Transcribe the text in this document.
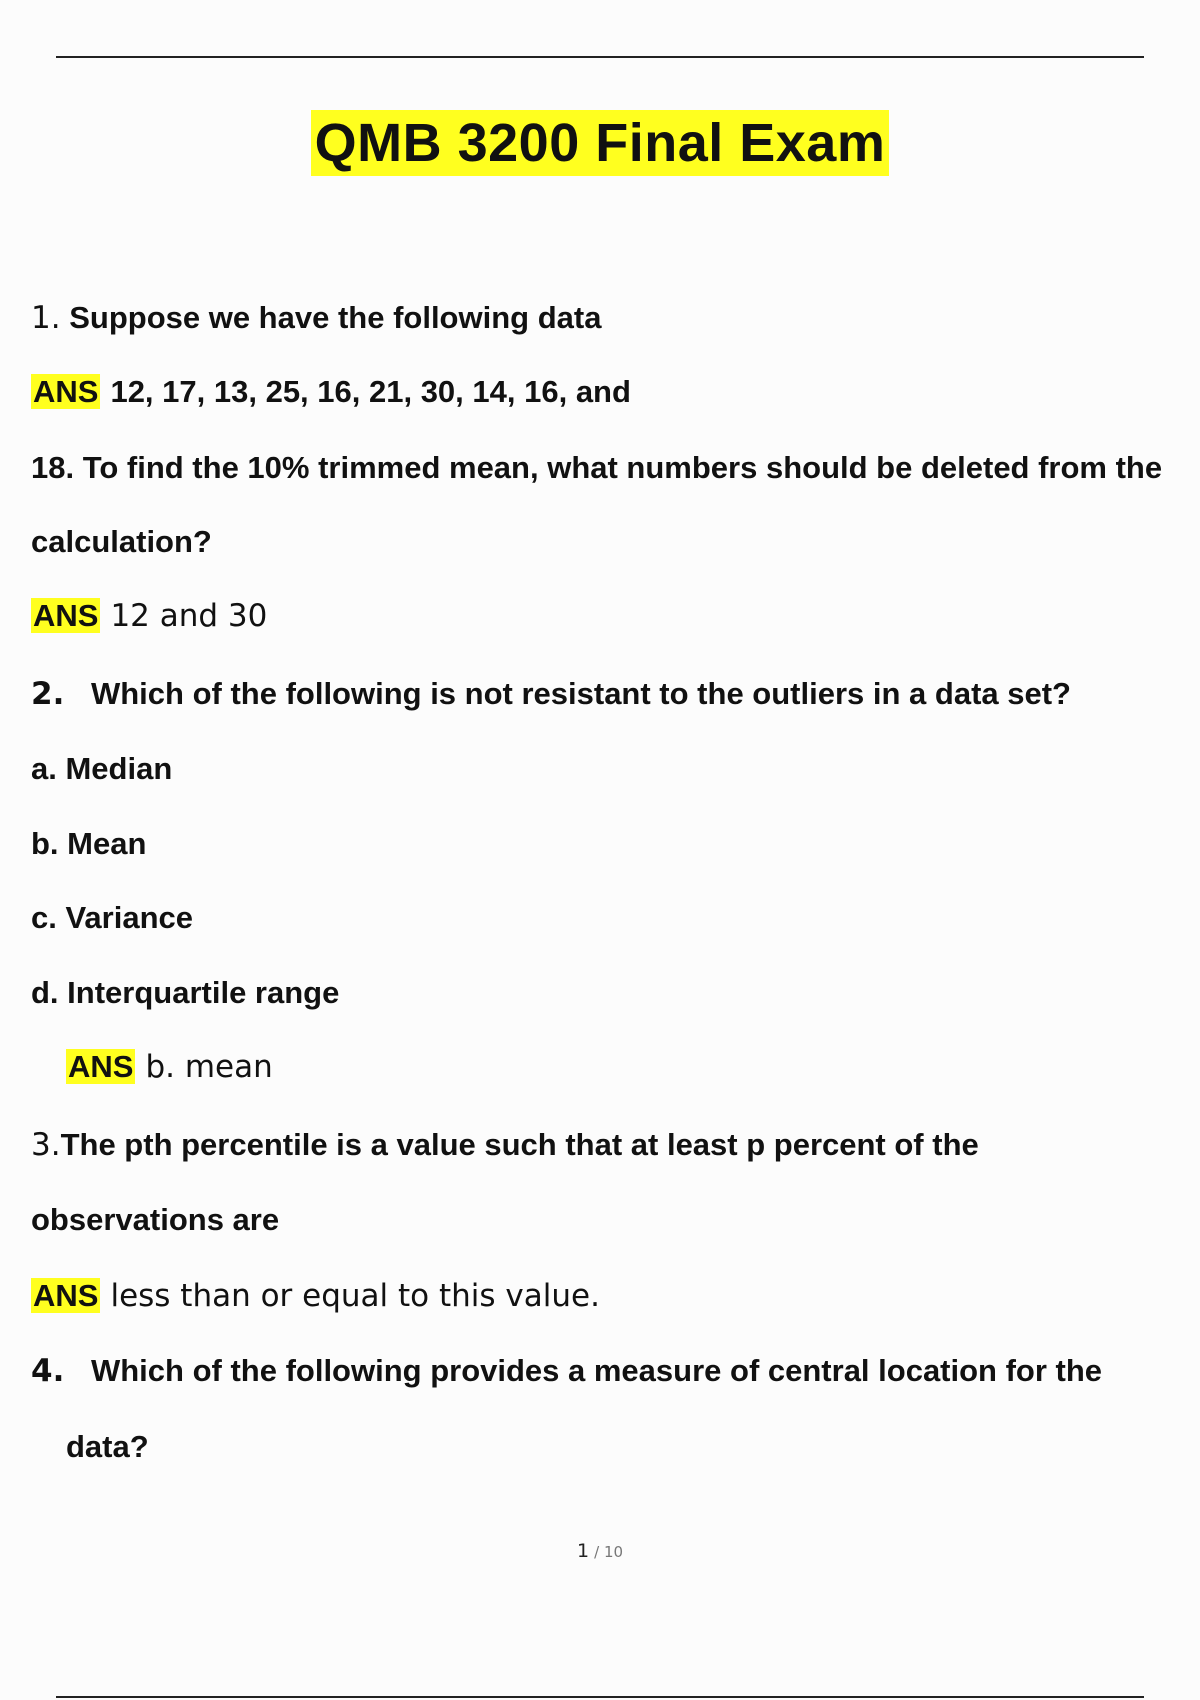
QMB 3200 Final Exam
1. Suppose we have the following data
ANS 12, 17, 13, 25, 16, 21, 30, 14, 16, and
18. To find the 10% trimmed mean, what numbers should be deleted from the
calculation?
ANS 12 and 30
2. Which of the following is not resistant to the outliers in a data set?
a. Median
b. Mean
c. Variance
d. Interquartile range
ANS b. mean
3.The pth percentile is a value such that at least p percent of the
observations are
ANS less than or equal to this value.
4. Which of the following provides a measure of central location for the
data?
1 / 10
